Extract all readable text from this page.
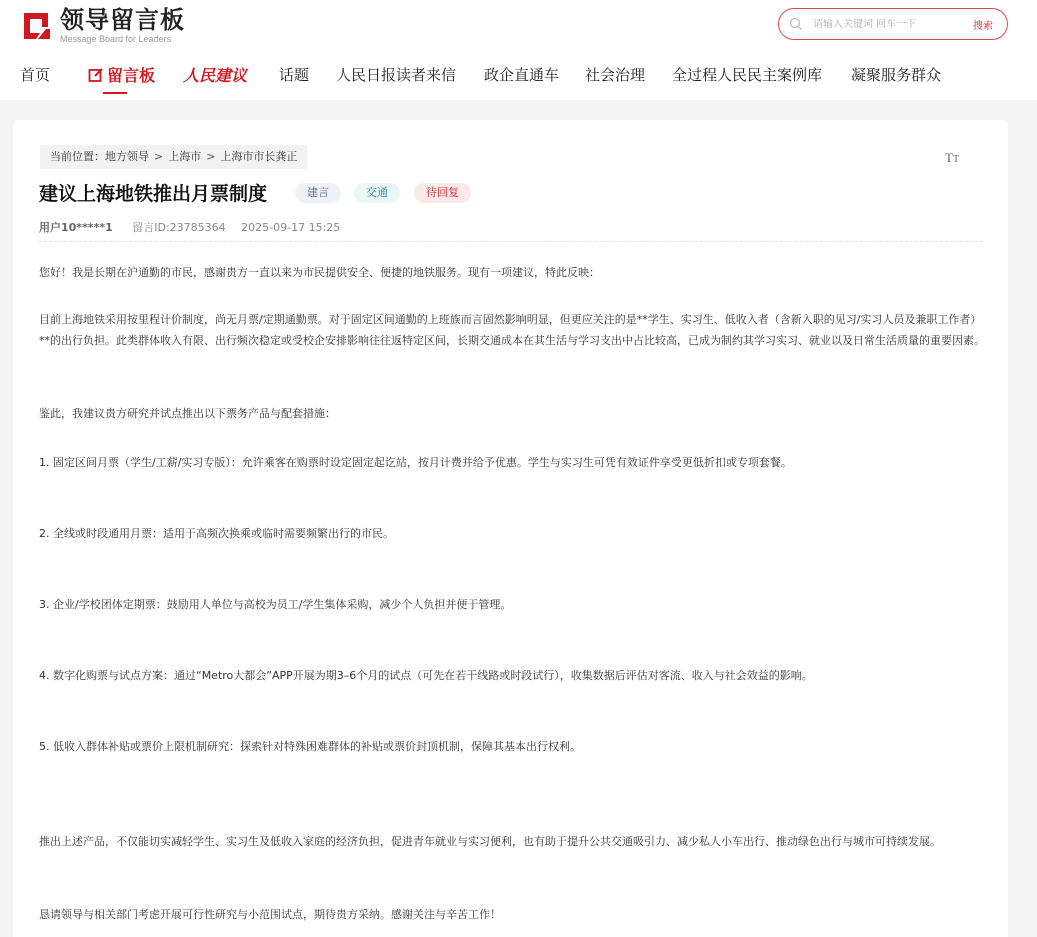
领导留言板
Message Board for Leaders
请输入关键词 回车一下
搜索
首页	留言板 人民建议 话题 人民日报读者来信 政企直通车 社会治理 全过程人民民主案例库 凝聚服务群众
当前位置：地方领导 > 上海市 > 上海市市长龚正	TT
建议上海地铁推出月票制度	建言	交通	待回复
用户10*****1 留言ID:23785364 2025-09-17 15:25

您好！我是长期在沪通勤的市民，感谢贵方一直以来为市民提供安全、便捷的地铁服务。现有一项建议，特此反映：

目前上海地铁采用按里程计价制度，尚无月票/定期通勤票。对于固定区间通勤的上班族而言固然影响明显，但更应关注的是**学生、实习生、低收入者（含新入职的见习/实习人员及兼职工作者）**的出行负担。此类群体收入有限、出行频次稳定或受校企安排影响往往返特定区间，长期交通成本在其生活与学习支出中占比较高，已成为制约其学习实习、就业以及日常生活质量的重要因素。

鉴此，我建议贵方研究并试点推出以下票务产品与配套措施：

1. 固定区间月票（学生/工薪/实习专版）：允许乘客在购票时设定固定起讫站，按月计费并给予优惠。学生与实习生可凭有效证件享受更低折扣或专项套餐。

2. 全线或时段通用月票：适用于高频次换乘或临时需要频繁出行的市民。

3. 企业/学校团体定期票：鼓励用人单位与高校为员工/学生集体采购，减少个人负担并便于管理。

4. 数字化购票与试点方案：通过“Metro大都会”APP开展为期3–6个月的试点（可先在若干线路或时段试行），收集数据后评估对客流、收入与社会效益的影响。

5. 低收入群体补贴或票价上限机制研究：探索针对特殊困难群体的补贴或票价封顶机制，保障其基本出行权利。

推出上述产品，不仅能切实减轻学生、实习生及低收入家庭的经济负担，促进青年就业与实习便利，也有助于提升公共交通吸引力、减少私人小车出行、推动绿色出行与城市可持续发展。

恳请领导与相关部门考虑开展可行性研究与小范围试点，期待贵方采纳。感谢关注与辛苦工作！
